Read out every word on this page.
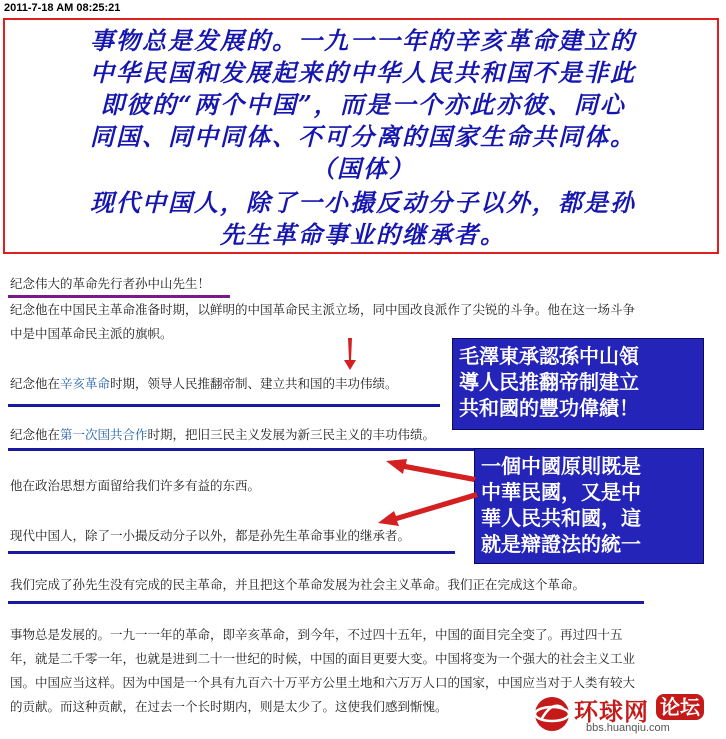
2011-7-18 AM 08:25:21
事物总是发展的。一九一一年的辛亥革命建立的
中华民国和发展起来的中华人民共和国不是非此
即彼的“两个中国”，而是一个亦此亦彼、同心
同国、同中同体、不可分离的国家生命共同体。
（国体）
现代中国人，除了一小撮反动分子以外，都是孙
先生革命事业的继承者。
纪念伟大的革命先行者孙中山先生！
纪念他在中国民主革命准备时期，以鲜明的中国革命民主派立场，同中国改良派作了尖锐的斗争。他在这一场斗争
中是中国革命民主派的旗帜。
纪念他在辛亥革命时期，领导人民推翻帝制、建立共和国的丰功伟绩。
纪念他在第一次国共合作时期，把旧三民主义发展为新三民主义的丰功伟绩。
他在政治思想方面留给我们许多有益的东西。
现代中国人，除了一小撮反动分子以外，都是孙先生革命事业的继承者。
我们完成了孙先生没有完成的民主革命，并且把这个革命发展为社会主义革命。我们正在完成这个革命。
事物总是发展的。一九一一年的革命，即辛亥革命，到今年，不过四十五年，中国的面目完全变了。再过四十五
年，就是二千零一年，也就是进到二十一世纪的时候，中国的面目更要大变。中国将变为一个强大的社会主义工业
国。中国应当这样。因为中国是一个具有九百六十万平方公里土地和六万万人口的国家，中国应当对于人类有较大
的贡献。而这种贡献，在过去一个长时期内，则是太少了。这使我们感到惭愧。
毛澤東承認孫中山領
導人民推翻帝制建立
共和國的豐功偉績！
一個中國原則既是
中華民國，又是中
華人民共和國，這
就是辯證法的統一
环球网 论坛
bbs.huanqiu.com
